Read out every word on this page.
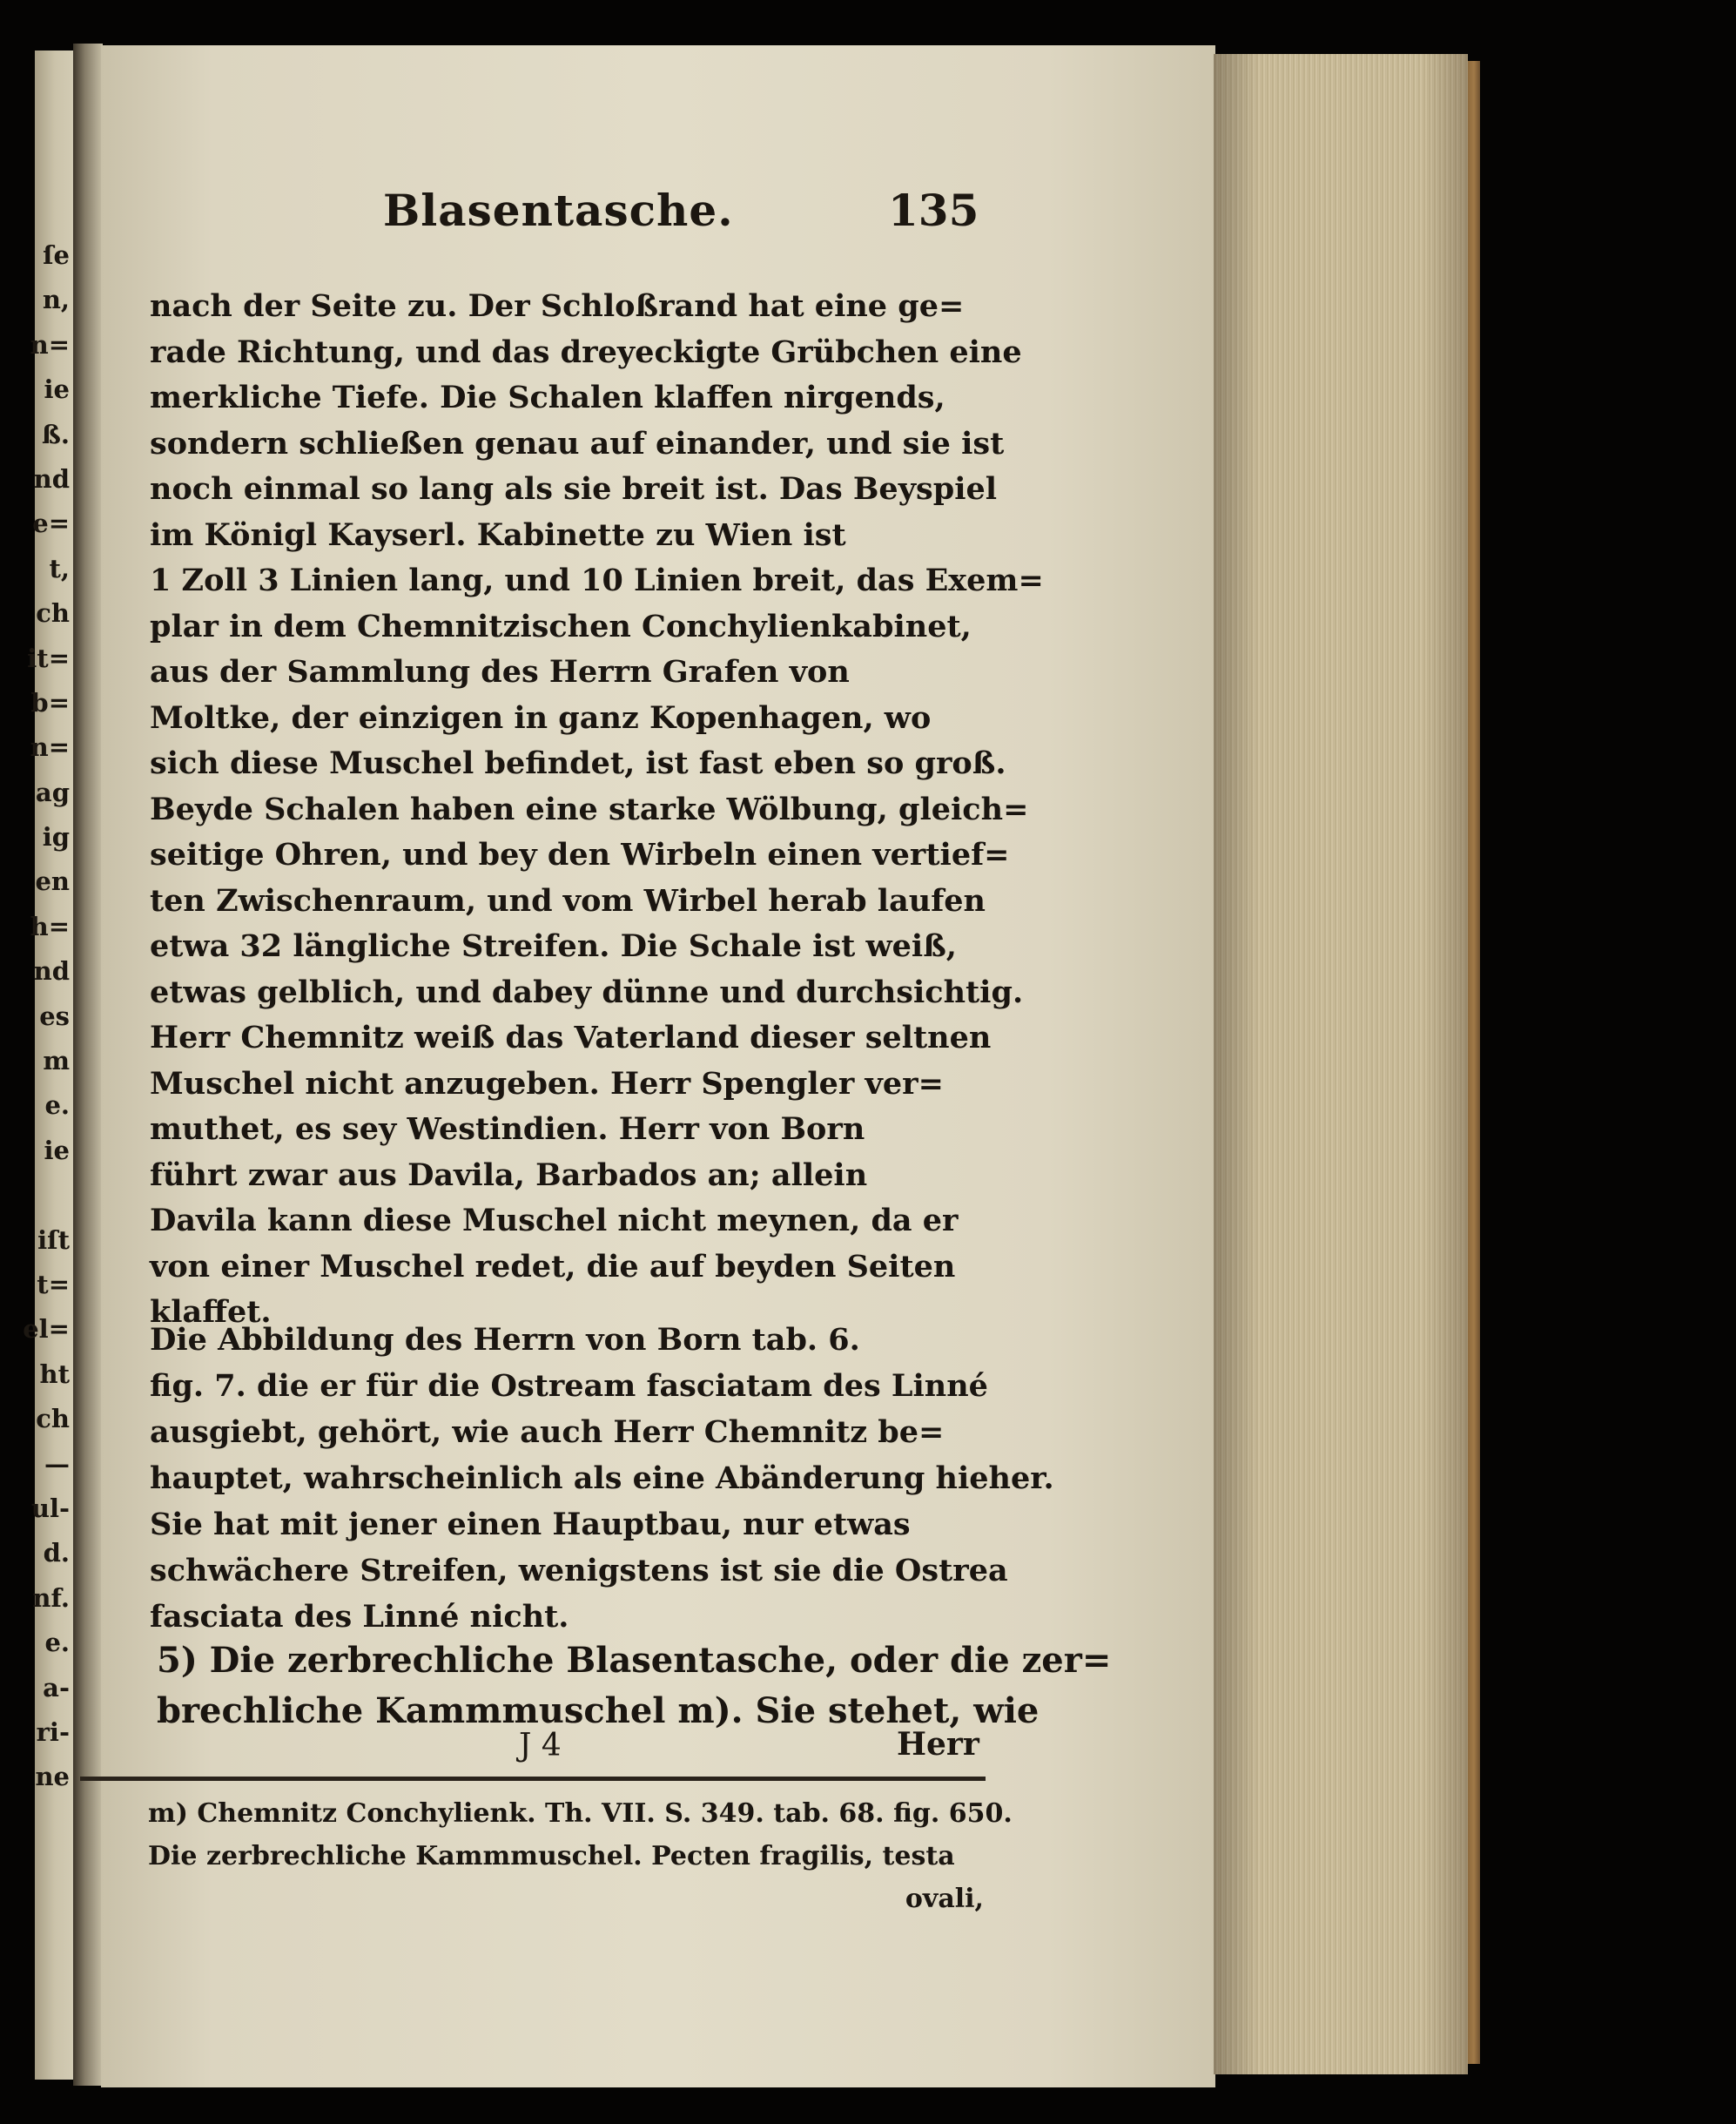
ſe
n,
n=
ie
ß.
nd
e=
t,
ch
it=
b=
n=
ag
ig
en
h=
nd
es
m
e.
ie
iſt
t=
el=
ht
ch
—
ul-
d.
nf.
e.
a-
ri-
ne
Blasentasche.	135
nach der Seite zu. Der Schloßrand hat eine ge=
rade Richtung, und das dreyeckigte Grübchen eine
merkliche Tiefe. Die Schalen klaffen nirgends,
sondern schließen genau auf einander, und sie ist
noch einmal so lang als sie breit ist. Das Beyspiel
im Königl Kayserl. Kabinette zu Wien ist
1 Zoll 3 Linien lang, und 10 Linien breit, das Exem=
plar in dem Chemnitzischen Conchylienkabinet,
aus der Sammlung des Herrn Grafen von
Moltke, der einzigen in ganz Kopenhagen, wo
sich diese Muschel befindet, ist fast eben so groß.
Beyde Schalen haben eine starke Wölbung, gleich=
seitige Ohren, und bey den Wirbeln einen vertief=
ten Zwischenraum, und vom Wirbel herab laufen
etwa 32 längliche Streifen. Die Schale ist weiß,
etwas gelblich, und dabey dünne und durchsichtig.
Herr Chemnitz weiß das Vaterland dieser seltnen
Muschel nicht anzugeben. Herr Spengler ver=
muthet, es sey Westindien. Herr von Born
führt zwar aus Davila, Barbados an; allein
Davila kann diese Muschel nicht meynen, da er
von einer Muschel redet, die auf beyden Seiten
klaffet.
Die Abbildung des Herrn von Born tab. 6.
fig. 7. die er für die Ostream fasciatam des Linné
ausgiebt, gehört, wie auch Herr Chemnitz be=
hauptet, wahrscheinlich als eine Abänderung hieher.
Sie hat mit jener einen Hauptbau, nur etwas
schwächere Streifen, wenigstens ist sie die Ostrea
fasciata des Linné nicht.
5) Die zerbrechliche Blasentasche, oder die zer=
brechliche Kammmuschel m). Sie stehet, wie
J 4	Herr
m) Chemnitz Conchylienk. Th. VII. S. 349. tab. 68. fig. 650.
Die zerbrechliche Kammmuschel. Pecten fragilis, testa
ovali,
